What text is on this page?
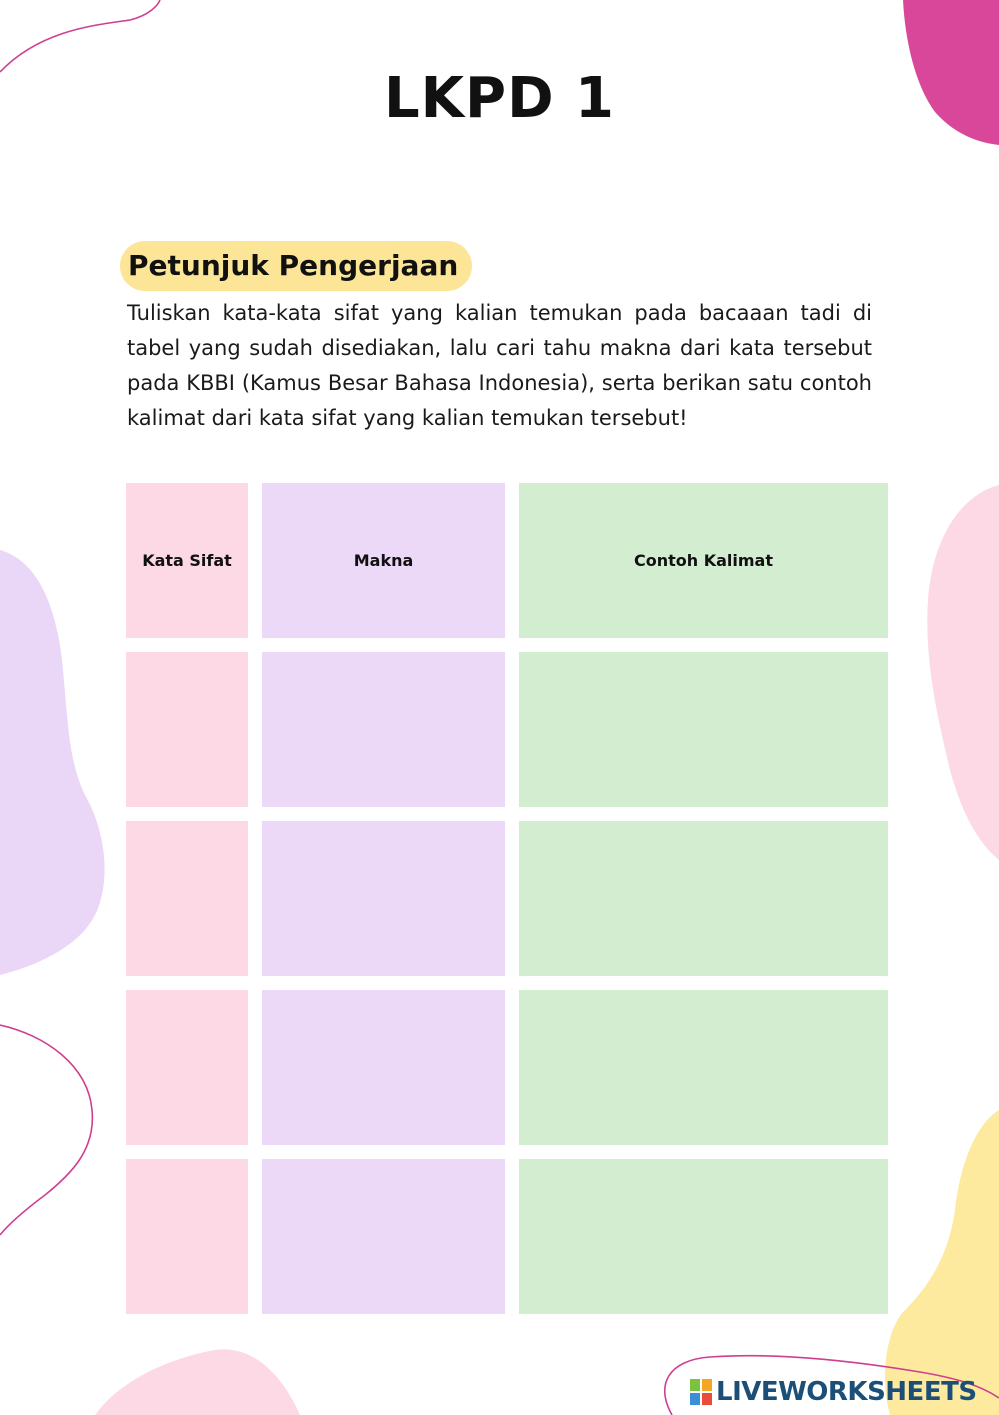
LKPD 1
Petunjuk Pengerjaan

Tuliskan kata-kata sifat yang kalian temukan pada bacaaan tadi di tabel yang sudah disediakan, lalu cari tahu makna dari kata tersebut pada KBBI (Kamus Besar Bahasa Indonesia), serta berikan satu contoh kalimat dari kata sifat yang kalian temukan tersebut!

Kata Sifat	Makna	Contoh Kalimat
LIVEWORKSHEETS
